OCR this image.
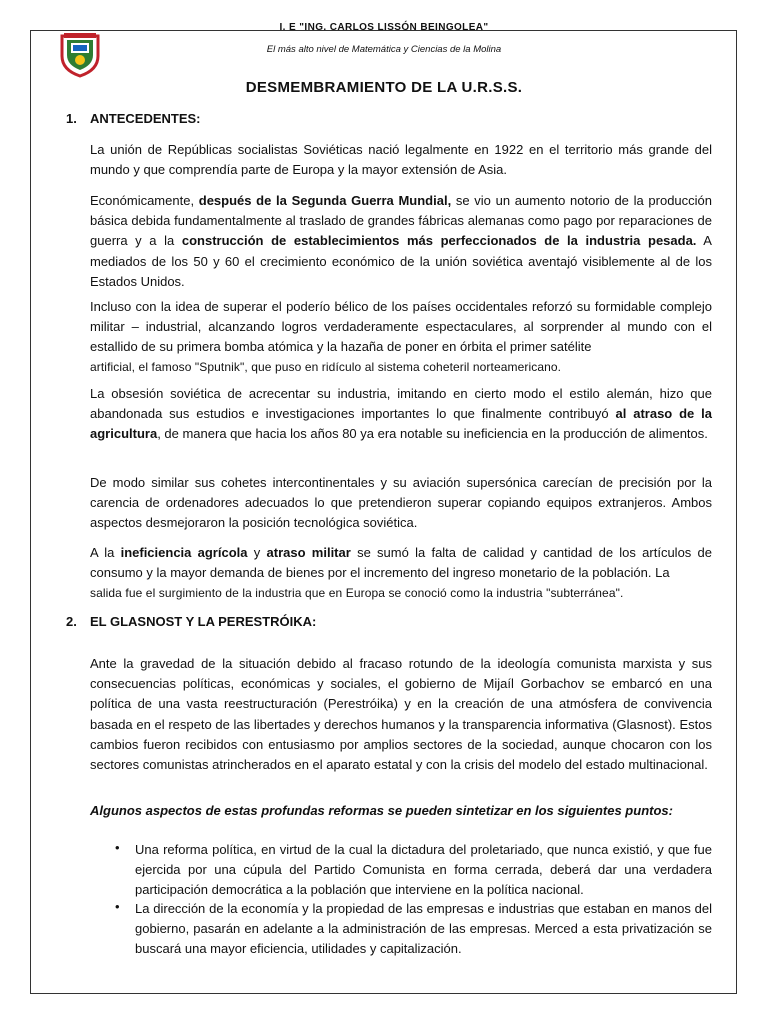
I. E "ING. CARLOS LISSÓN BEINGOLEA"
El más alto nivel de Matemática y Ciencias de la Molina
DESMEMBRAMIENTO DE LA U.R.S.S.
1. ANTECEDENTES:

La unión de Repúblicas socialistas Soviéticas nació legalmente en 1922 en el territorio más grande del mundo y que comprendía parte de Europa y la mayor extensión de Asia.

Económicamente, después de la Segunda Guerra Mundial, se vio un aumento notorio de la producción básica debida fundamentalmente al traslado de grandes fábricas alemanas como pago por reparaciones de guerra y a la construcción de establecimientos más perfeccionados de la industria pesada. A mediados de los 50 y 60 el crecimiento económico de la unión soviética aventajó visiblemente al de los Estados Unidos.

Incluso con la idea de superar el poderío bélico de los países occidentales reforzó su formidable complejo militar – industrial, alcanzando logros verdaderamente espectaculares, al sorprender al mundo con el estallido de su primera bomba atómica y la hazaña de poner en órbita el primer satélite

artificial, el famoso "Sputnik", que puso en ridículo al sistema coheteril norteamericano.

La obsesión soviética de acrecentar su industria, imitando en cierto modo el estilo alemán, hizo que abandonada sus estudios e investigaciones importantes lo que finalmente contribuyó al atraso de la agricultura, de manera que hacia los años 80 ya era notable su ineficiencia en la producción de alimentos.

De modo similar sus cohetes intercontinentales y su aviación supersónica carecían de precisión por la carencia de ordenadores adecuados lo que pretendieron superar copiando equipos extranjeros. Ambos aspectos desmejoraron la posición tecnológica soviética.

A la ineficiencia agrícola y atraso militar se sumó la falta de calidad y cantidad de los artículos de consumo y la mayor demanda de bienes por el incremento del ingreso monetario de la población. La

salida fue el surgimiento de la industria que en Europa se conoció como la industria "subterránea".

2. EL GLASNOST Y LA PERESTRÓIKA:

Ante la gravedad de la situación debido al fracaso rotundo de la ideología comunista marxista y sus consecuencias políticas, económicas y sociales, el gobierno de Mijaíl Gorbachov se embarcó en una política de una vasta reestructuración (Perestróika) y en la creación de una atmósfera de convivencia basada en el respeto de las libertades y derechos humanos y la transparencia informativa (Glasnost). Estos cambios fueron recibidos con entusiasmo por amplios sectores de la sociedad, aunque chocaron con los sectores comunistas atrincherados en el aparato estatal y con la crisis del modelo del estado multinacional.

Algunos aspectos de estas profundas reformas se pueden sintetizar en los siguientes puntos:
• Una reforma política, en virtud de la cual la dictadura del proletariado, que nunca existió, y que fue ejercida por una cúpula del Partido Comunista en forma cerrada, deberá dar una verdadera participación democrática a la población que interviene en la política nacional.

• La dirección de la economía y la propiedad de las empresas e industrias que estaban en manos del gobierno, pasarán en adelante a la administración de las empresas. Merced a esta privatización se buscará una mayor eficiencia, utilidades y capitalización.
